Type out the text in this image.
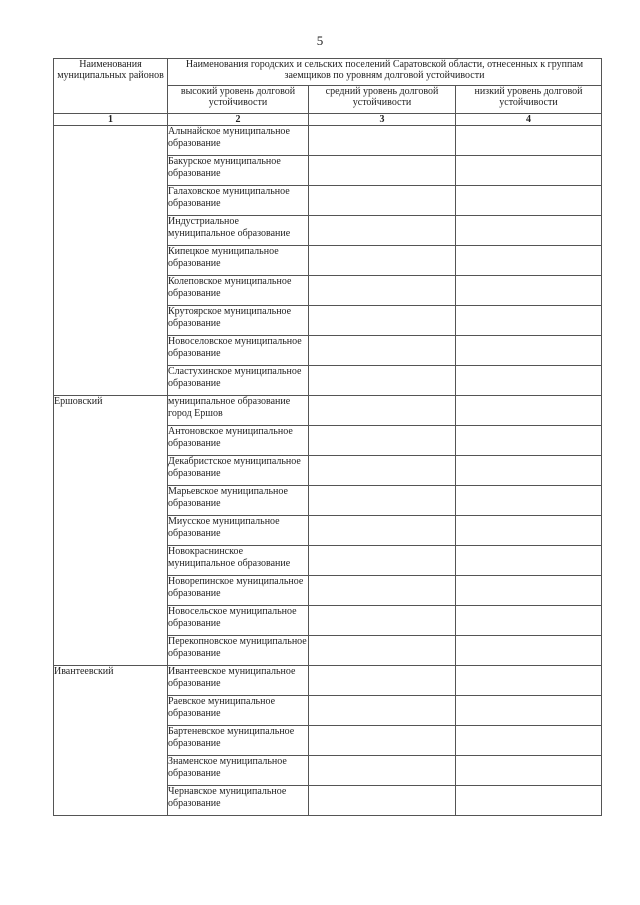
5
Наименования муниципальных районов	Наименования городских и сельских поселений Саратовской области, отнесенных к группам заемщиков по уровням долговой устойчивости		
	высокий уровень долговой устойчивости	средний уровень долговой устойчивости	низкий уровень долговой устойчивости
1	2	3	4
	Алынайское муниципальное образование		
	Бакурское муниципальное образование		
	Галаховское муниципальное образование		
	Индустриальное муниципальное образование		
	Кипецкое муниципальное образование		
	Колеповское муниципальное образование		
	Крутоярское муниципальное образование		
	Новоселовское муниципальное образование		
	Сластухинское муниципальное образование		
Ершовский	муниципальное образование город Ершов		
	Антоновское муниципальное образование		
	Декабристское муниципальное образование		
	Марьевское муниципальное образование		
	Миусское муниципальное образование		
	Новокраснинское муниципальное образование		
	Новорепинское муниципальное образование		
	Новосельское муниципальное образование		
	Перекопновское муниципальное образование		
Ивантеевский	Ивантеевское муниципальное образование		
	Раевское муниципальное образование		
	Бартеневское муниципальное образование		
	Знаменское муниципальное образование		
	Чернавское муниципальное образование		
